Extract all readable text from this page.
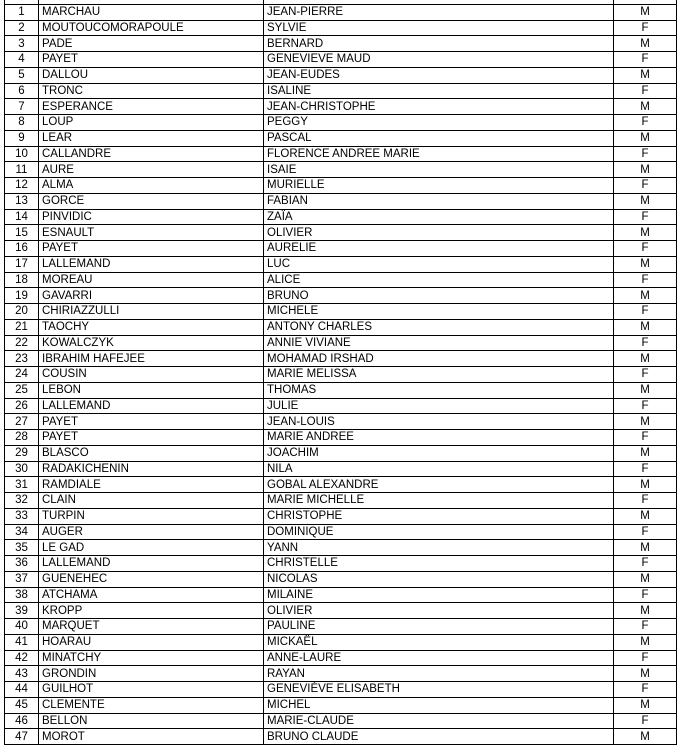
1	MARCHAU	JEAN-PIERRE	M
2	MOUTOUCOMORAPOULE	SYLVIE	F
3	PADE	BERNARD	M
4	PAYET	GENEVIEVE MAUD	F
5	DALLOU	JEAN-EUDES	M
6	TRONC	ISALINE	F
7	ESPERANCE	JEAN-CHRISTOPHE	M
8	LOUP	PEGGY	F
9	LEAR	PASCAL	M
10	CALLANDRE	FLORENCE ANDREE MARIE	F
11	AURE	ISAIE	M
12	ALMA	MURIELLE	F
13	GORCE	FABIAN	M
14	PINVIDIC	ZAÏA	F
15	ESNAULT	OLIVIER	M
16	PAYET	AURELIE	F
17	LALLEMAND	LUC	M
18	MOREAU	ALICE	F
19	GAVARRI	BRUNO	M
20	CHIRIAZZULLI	MICHELE	F
21	TAOCHY	ANTONY CHARLES	M
22	KOWALCZYK	ANNIE VIVIANE	F
23	IBRAHIM HAFEJEE	MOHAMAD IRSHAD	M
24	COUSIN	MARIE MELISSA	F
25	LEBON	THOMAS	M
26	LALLEMAND	JULIE	F
27	PAYET	JEAN-LOUIS	M
28	PAYET	MARIE ANDREE	F
29	BLASCO	JOACHIM	M
30	RADAKICHENIN	NILA	F
31	RAMDIALE	GOBAL ALEXANDRE	M
32	CLAIN	MARIE MICHELLE	F
33	TURPIN	CHRISTOPHE	M
34	AUGER	DOMINIQUE	F
35	LE GAD	YANN	M
36	LALLEMAND	CHRISTELLE	F
37	GUENEHEC	NICOLAS	M
38	ATCHAMA	MILAINE	F
39	KROPP	OLIVIER	M
40	MARQUET	PAULINE	F
41	HOARAU	MICKAËL	M
42	MINATCHY	ANNE-LAURE	F
43	GRONDIN	RAYAN	M
44	GUILHOT	GENEVIÈVE ELISABETH	F
45	CLEMENTE	MICHEL	M
46	BELLON	MARIE-CLAUDE	F
47	MOROT	BRUNO CLAUDE	M
